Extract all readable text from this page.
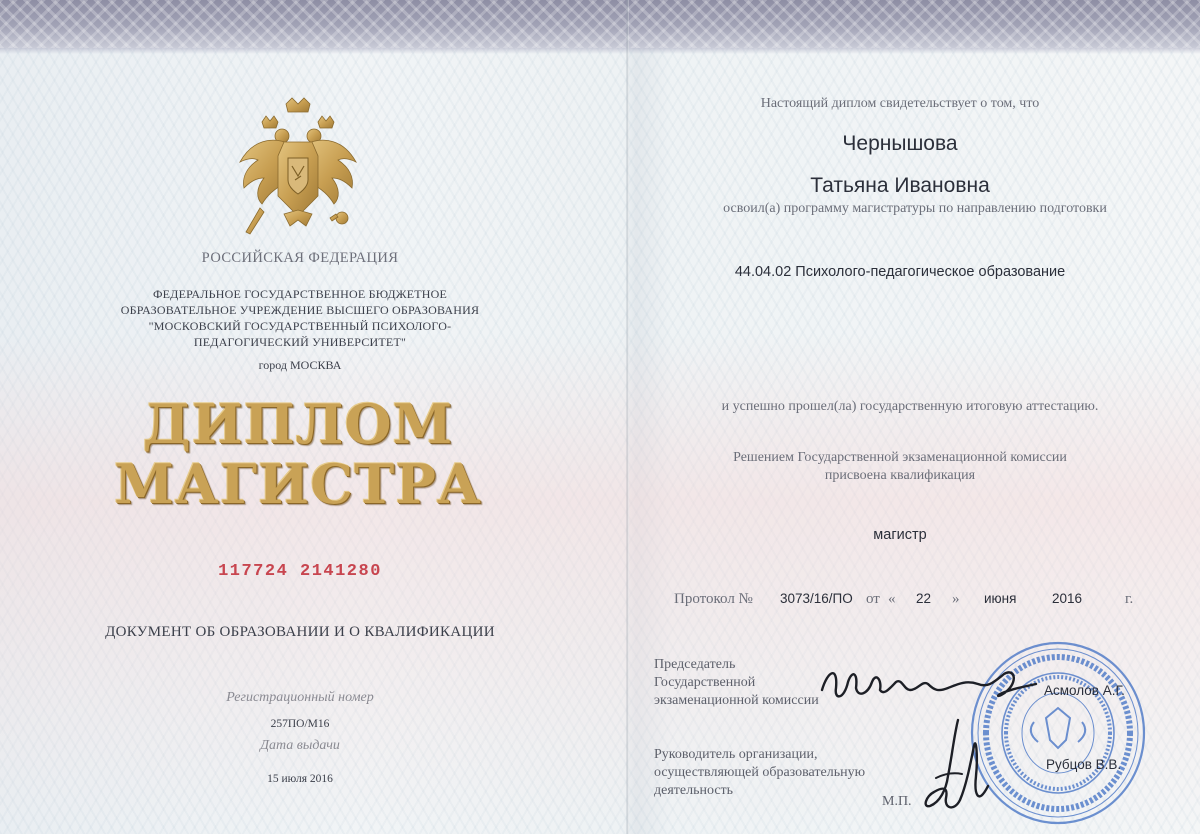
РОССИЙСКАЯ ФЕДЕРАЦИЯ
ФЕДЕРАЛЬНОЕ ГОСУДАРСТВЕННОЕ БЮДЖЕТНОЕ
ОБРАЗОВАТЕЛЬНОЕ УЧРЕЖДЕНИЕ ВЫСШЕГО ОБРАЗОВАНИЯ
"МОСКОВСКИЙ ГОСУДАРСТВЕННЫЙ ПСИХОЛОГО-
ПЕДАГОГИЧЕСКИЙ УНИВЕРСИТЕТ"
город МОСКВА
ДИПЛОМ
МАГИСТРА
117724 2141280
ДОКУМЕНТ ОБ ОБРАЗОВАНИИ И О КВАЛИФИКАЦИИ
Регистрационный номер
257ПО/М16
Дата выдачи
15 июля 2016
Настоящий диплом свидетельствует о том, что
Чернышова
Татьяна Ивановна
освоил(а) программу магистратуры по направлению подготовки
44.04.02 Психолого-педагогическое образование
и успешно прошел(ла) государственную итоговую аттестацию.
Решением Государственной экзаменационной комиссии
присвоена квалификация
магистр
Протокол № 3073/16/ПО от « 22 » июня	2016	г.
Председатель
Государственной
экзаменационной комиссии
Асмолов А.Г.
Руководитель организации,
осуществляющей образовательную
деятельность
Рубцов В.В.
М.П.
